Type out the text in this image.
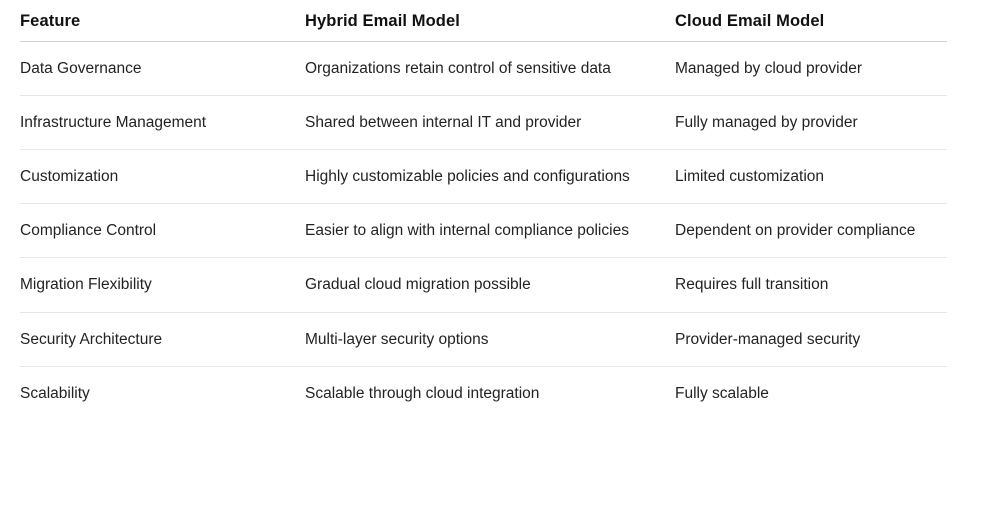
Feature	Hybrid Email Model	Cloud Email Model
Data Governance	Organizations retain control of sensitive data	Managed by cloud provider
Infrastructure Management	Shared between internal IT and provider	Fully managed by provider
Customization	Highly customizable policies and configurations	Limited customization
Compliance Control	Easier to align with internal compliance policies	Dependent on provider compliance
Migration Flexibility	Gradual cloud migration possible	Requires full transition
Security Architecture	Multi-layer security options	Provider-managed security
Scalability	Scalable through cloud integration	Fully scalable
